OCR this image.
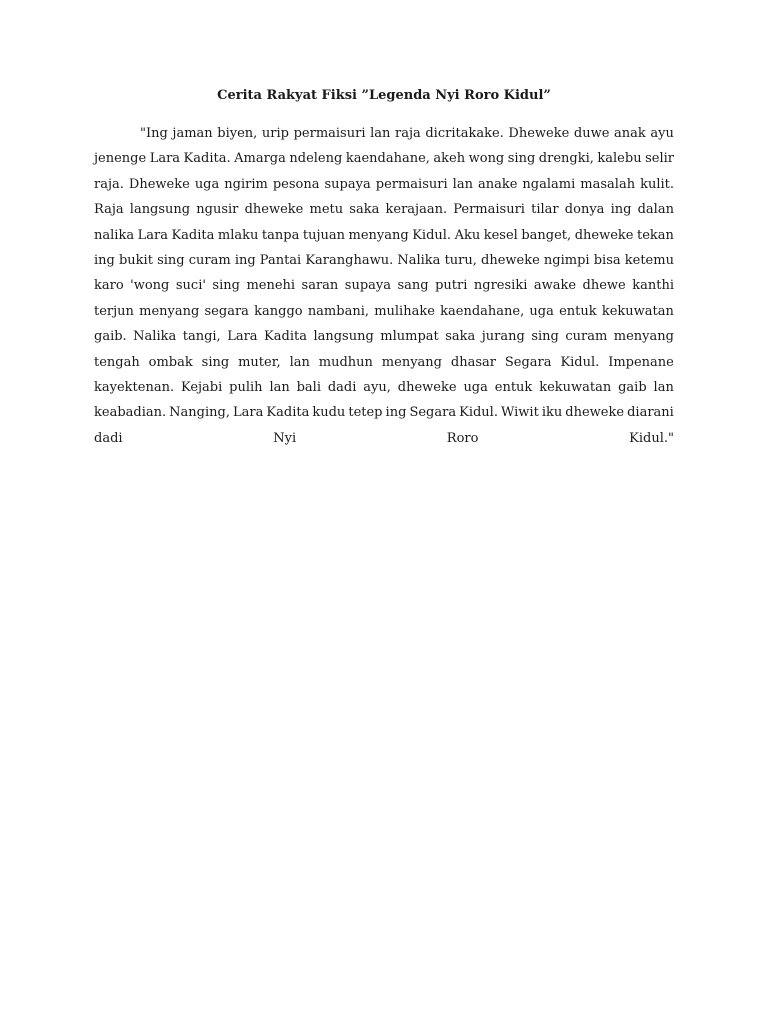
Cerita Rakyat Fiksi ”Legenda Nyi Roro Kidul”
"Ing jaman biyen, urip permaisuri lan raja dicritakake. Dheweke duwe anak ayu
jenenge Lara Kadita. Amarga ndeleng kaendahane, akeh wong sing drengki, kalebu selir
raja. Dheweke uga ngirim pesona supaya permaisuri lan anake ngalami masalah kulit.
Raja langsung ngusir dheweke metu saka kerajaan. Permaisuri tilar donya ing dalan
nalika Lara Kadita mlaku tanpa tujuan menyang Kidul. Aku kesel banget, dheweke tekan
ing bukit sing curam ing Pantai Karanghawu. Nalika turu, dheweke ngimpi bisa ketemu
karo 'wong suci' sing menehi saran supaya sang putri ngresiki awake dhewe kanthi
terjun menyang segara kanggo nambani, mulihake kaendahane, uga entuk kekuwatan
gaib. Nalika tangi, Lara Kadita langsung mlumpat saka jurang sing curam menyang
tengah ombak sing muter, lan mudhun menyang dhasar Segara Kidul. Impenane
kayektenan. Kejabi pulih lan bali dadi ayu, dheweke uga entuk kekuwatan gaib lan
keabadian. Nanging, Lara Kadita kudu tetep ing Segara Kidul. Wiwit iku dheweke diarani
dadi	Nyi	Roro	Kidul."
